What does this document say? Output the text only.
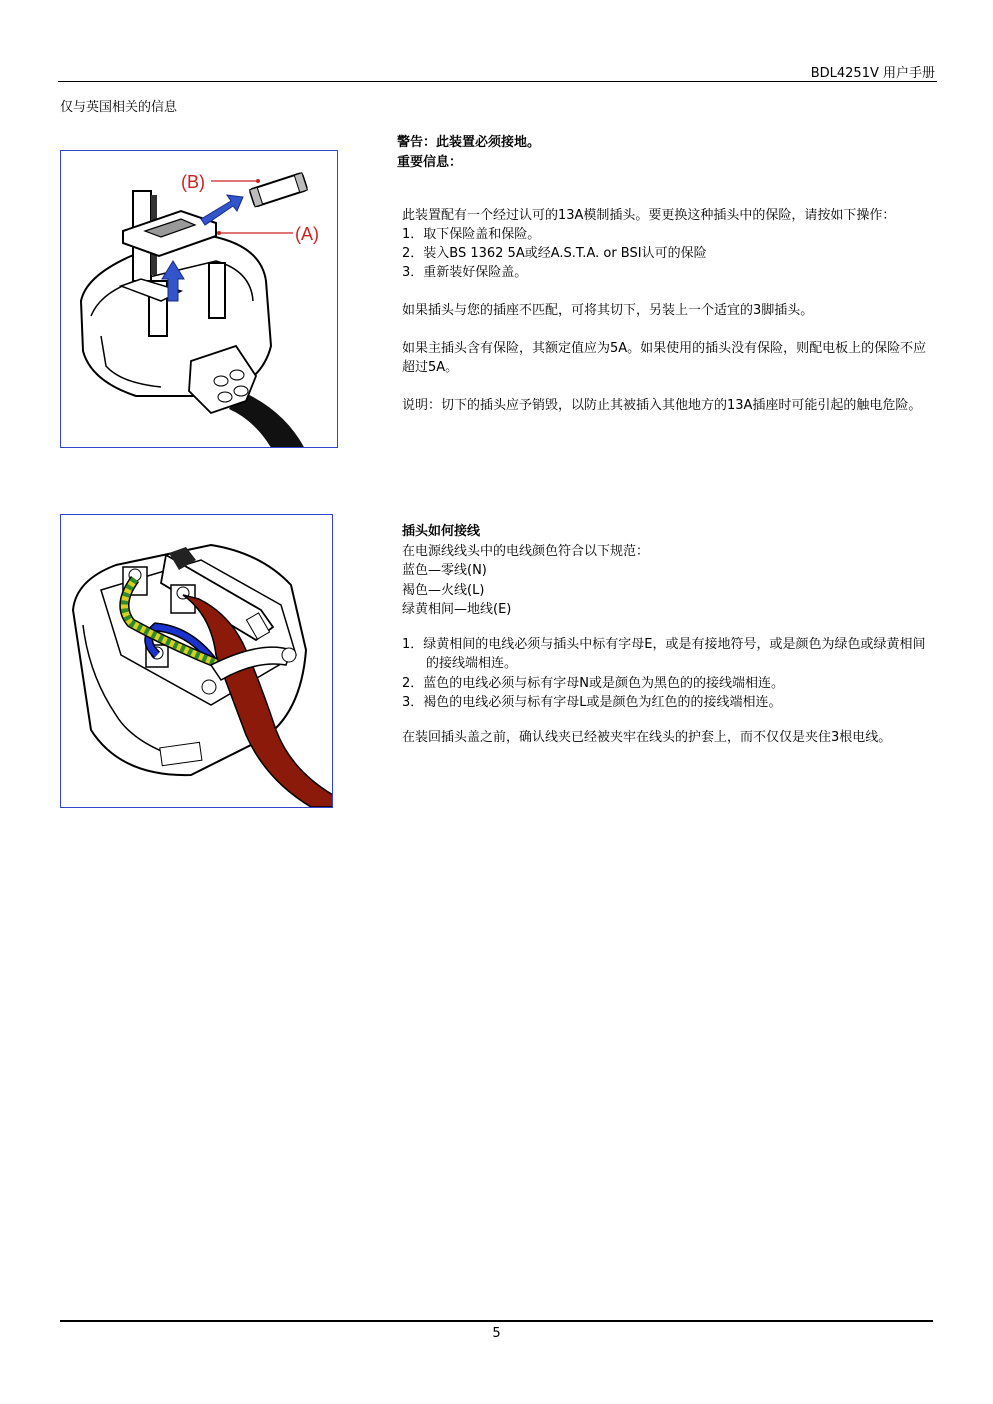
BDL4251V 用户手册
仅与英国相关的信息
(B)
(A)

警告：此装置必须接地。

重要信息：

此装置配有一个经过认可的13A模制插头。要更换这种插头中的保险，请按如下操作：

1．取下保险盖和保险。

2．装入BS 1362 5A或经A.S.T.A. or BSI认可的保险

3．重新装好保险盖。

如果插头与您的插座不匹配，可将其切下，另装上一个适宜的3脚插头。

如果主插头含有保险，其额定值应为5A。如果使用的插头没有保险，则配电板上的保险不应超过5A。

说明：切下的插头应予销毁，以防止其被插入其他地方的13A插座时可能引起的触电危险。

插头如何接线

在电源线线头中的电线颜色符合以下规范：

蓝色—零线(N)

褐色—火线(L)

绿黄相间—地线(E)

1．绿黄相间的电线必须与插头中标有字母E，或是有接地符号，或是颜色为绿色或绿黄相间的接线端相连。

2．蓝色的电线必须与标有字母N或是颜色为黑色的的接线端相连。

3．褐色的电线必须与标有字母L或是颜色为红色的的接线端相连。

在装回插头盖之前，确认线夹已经被夹牢在线头的护套上，而不仅仅是夹住3根电线。

5
